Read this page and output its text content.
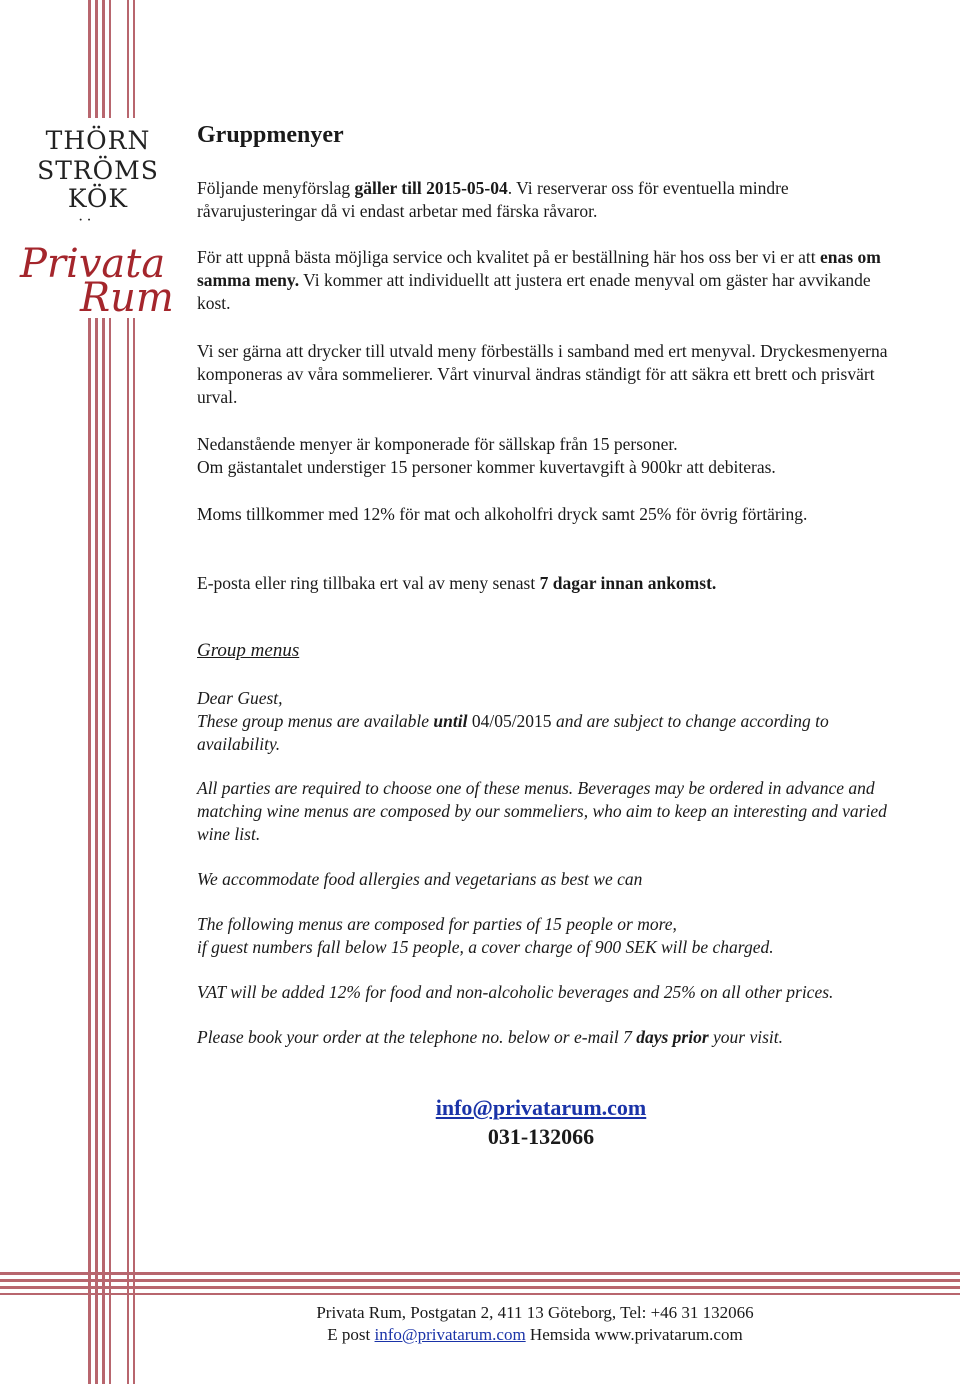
THÖRN
STRÖMS
KÖK
··
Privata
Rum
Gruppmenyer

Följande menyförslag gäller till 2015-05-04. Vi reserverar oss för eventuella mindre råvarujusteringar då vi endast arbetar med färska råvaror.

För att uppnå bästa möjliga service och kvalitet på er beställning här hos oss ber vi er att enas om samma meny. Vi kommer att individuellt att justera ert enade menyval om gäster har avvikande kost.

Vi ser gärna att drycker till utvald meny förbeställs i samband med ert menyval. Dryckesmenyerna komponeras av våra sommelierer. Vårt vinurval ändras ständigt för att säkra ett brett och prisvärt urval.

Nedanstående menyer är komponerade för sällskap från 15 personer.
Om gästantalet understiger 15 personer kommer kuvertavgift à 900kr att debiteras.

Moms tillkommer med 12% för mat och alkoholfri dryck samt 25% för övrig förtäring.

E-posta eller ring tillbaka ert val av meny senast 7 dagar innan ankomst.

Group menus

Dear Guest,
These group menus are available until 04/05/2015 and are subject to change according to availability.

All parties are required to choose one of these menus. Beverages may be ordered in advance and matching wine menus are composed by our sommeliers, who aim to keep an interesting and varied wine list.

We accommodate food allergies and vegetarians as best we can

The following menus are composed for parties of 15 people or more,
if guest numbers fall below 15 people, a cover charge of 900 SEK will be charged.

VAT will be added 12% for food and non-alcoholic beverages and 25% on all other prices.

Please book your order at the telephone no. below or e-mail 7 days prior your visit.

info@privatarum.com
031-132066
Privata Rum, Postgatan 2, 411 13 Göteborg, Tel: +46 31 132066
E post info@privatarum.com Hemsida www.privatarum.com
